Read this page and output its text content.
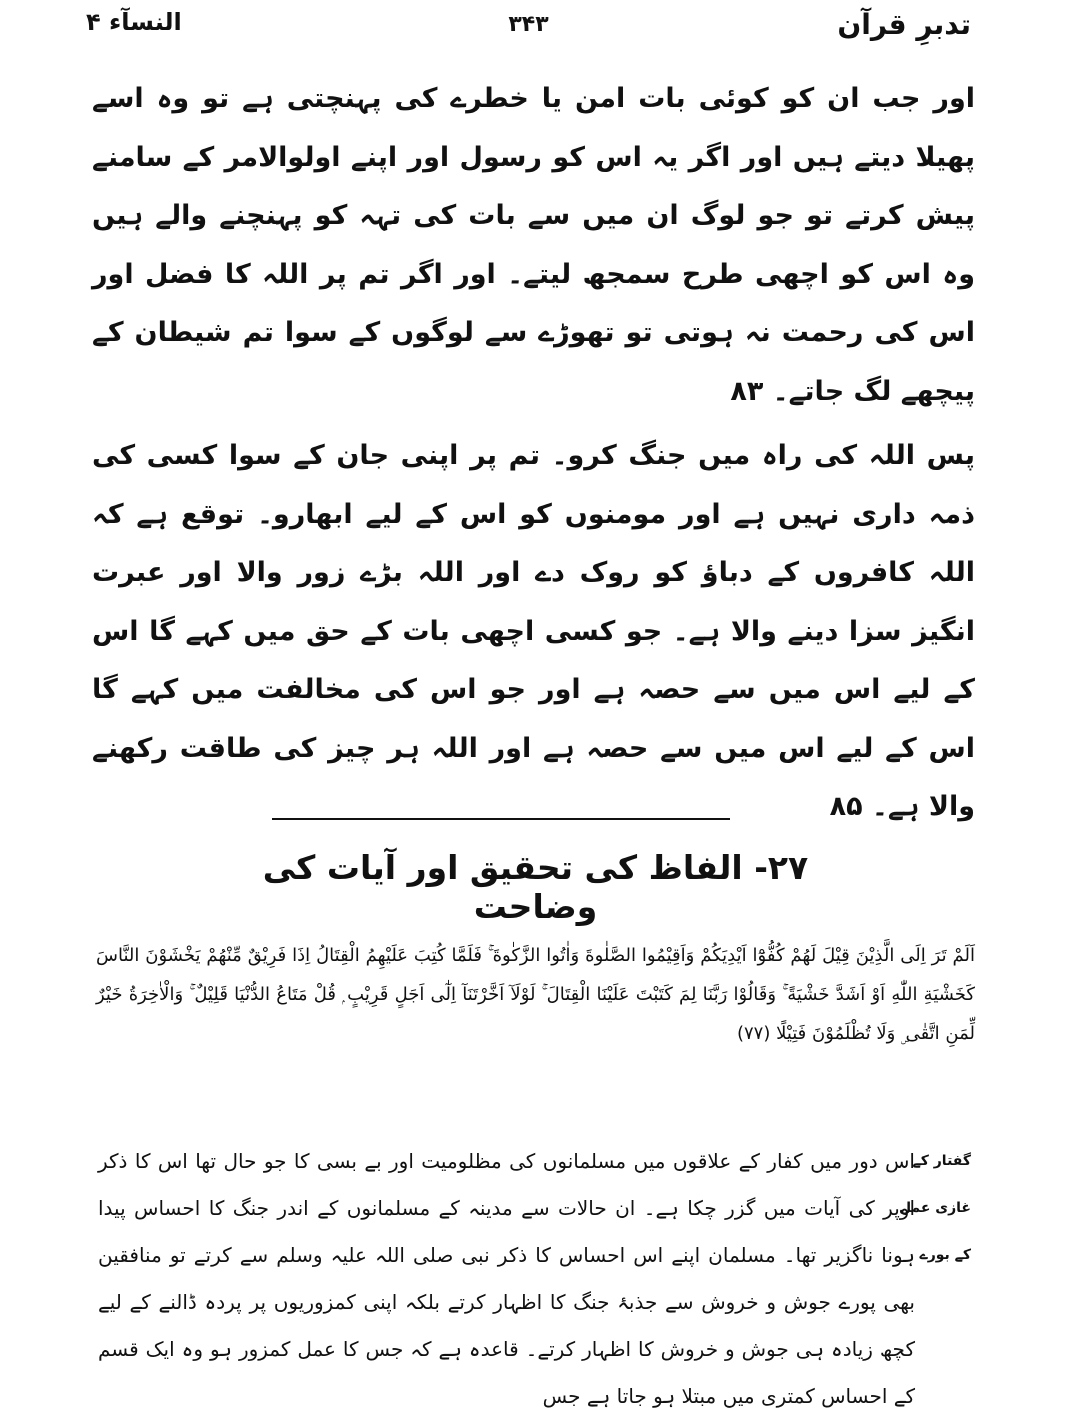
تدبرِ قرآن
۳۴۳
النسآء ۴

اور جب ان کو کوئی بات امن یا خطرے کی پہنچتی ہے تو وہ اسے پھیلا دیتے ہیں اور اگر یہ اس کو رسول اور اپنے اولوالامر کے سامنے پیش کرتے تو جو لوگ ان میں سے بات کی تہہ کو پہنچنے والے ہیں وہ اس کو اچھی طرح سمجھ لیتے۔ اور اگر تم پر اللہ کا فضل اور اس کی رحمت نہ ہوتی تو تھوڑے سے لوگوں کے سوا تم شیطان کے پیچھے لگ جاتے۔ ۸۳

پس اللہ کی راہ میں جنگ کرو۔ تم پر اپنی جان کے سوا کسی کی ذمہ داری نہیں ہے اور مومنوں کو اس کے لیے ابھارو۔ توقع ہے کہ اللہ کافروں کے دباؤ کو روک دے اور اللہ بڑے زور والا اور عبرت انگیز سزا دینے والا ہے۔ جو کسی اچھی بات کے حق میں کہے گا اس کے لیے اس میں سے حصہ ہے اور جو اس کی مخالفت میں کہے گا اس کے لیے اس میں سے حصہ ہے اور اللہ ہر چیز کی طاقت رکھنے والا ہے۔ ۸۵

۲۷- الفاظ کی تحقیق اور آیات کی وضاحت
اَلَمْ تَرَ اِلَى الَّذِيْنَ قِيْلَ لَهُمْ كُفُّوْٓا اَيْدِيَكُمْ وَاَقِيْمُوا الصَّلٰوةَ وَاٰتُوا الزَّكٰوةَ ۚ فَلَمَّا كُتِبَ عَلَيْهِمُ الْقِتَالُ اِذَا فَرِيْقٌ مِّنْهُمْ يَخْشَوْنَ النَّاسَ كَخَشْيَةِ اللّٰهِ اَوْ اَشَدَّ خَشْيَةً ۚ وَقَالُوْا رَبَّنَا لِمَ كَتَبْتَ عَلَيْنَا الْقِتَالَ ۚ لَوْلَآ اَخَّرْتَنَآ اِلٰٓى اَجَلٍ قَرِيْبٍ ۭ قُلْ مَتَاعُ الدُّنْيَا قَلِيْلٌ ۚ وَالْاٰخِرَةُ خَيْرٌ لِّمَنِ اتَّقٰى ۣ وَلَا تُظْلَمُوْنَ فَتِيْلًا (۷۷)
گفتار کے
غازی عمل
کے بورے
اس دور میں کفار کے علاقوں میں مسلمانوں کی مظلومیت اور بے بسی کا جو حال تھا اس کا ذکر اوپر کی آیات میں گزر چکا ہے۔ ان حالات سے مدینہ کے مسلمانوں کے اندر جنگ کا احساس پیدا ہونا ناگزیر تھا۔ مسلمان اپنے اس احساس کا ذکر نبی صلی اللہ علیہ وسلم سے کرتے تو منافقین بھی پورے جوش و خروش سے جذبۂ جنگ کا اظہار کرتے بلکہ اپنی کمزوریوں پر پردہ ڈالنے کے لیے کچھ زیادہ ہی جوش و خروش کا اظہار کرتے۔ قاعدہ ہے کہ جس کا عمل کمزور ہو وہ ایک قسم کے احساس کمتری میں مبتلا ہو جاتا ہے جس
